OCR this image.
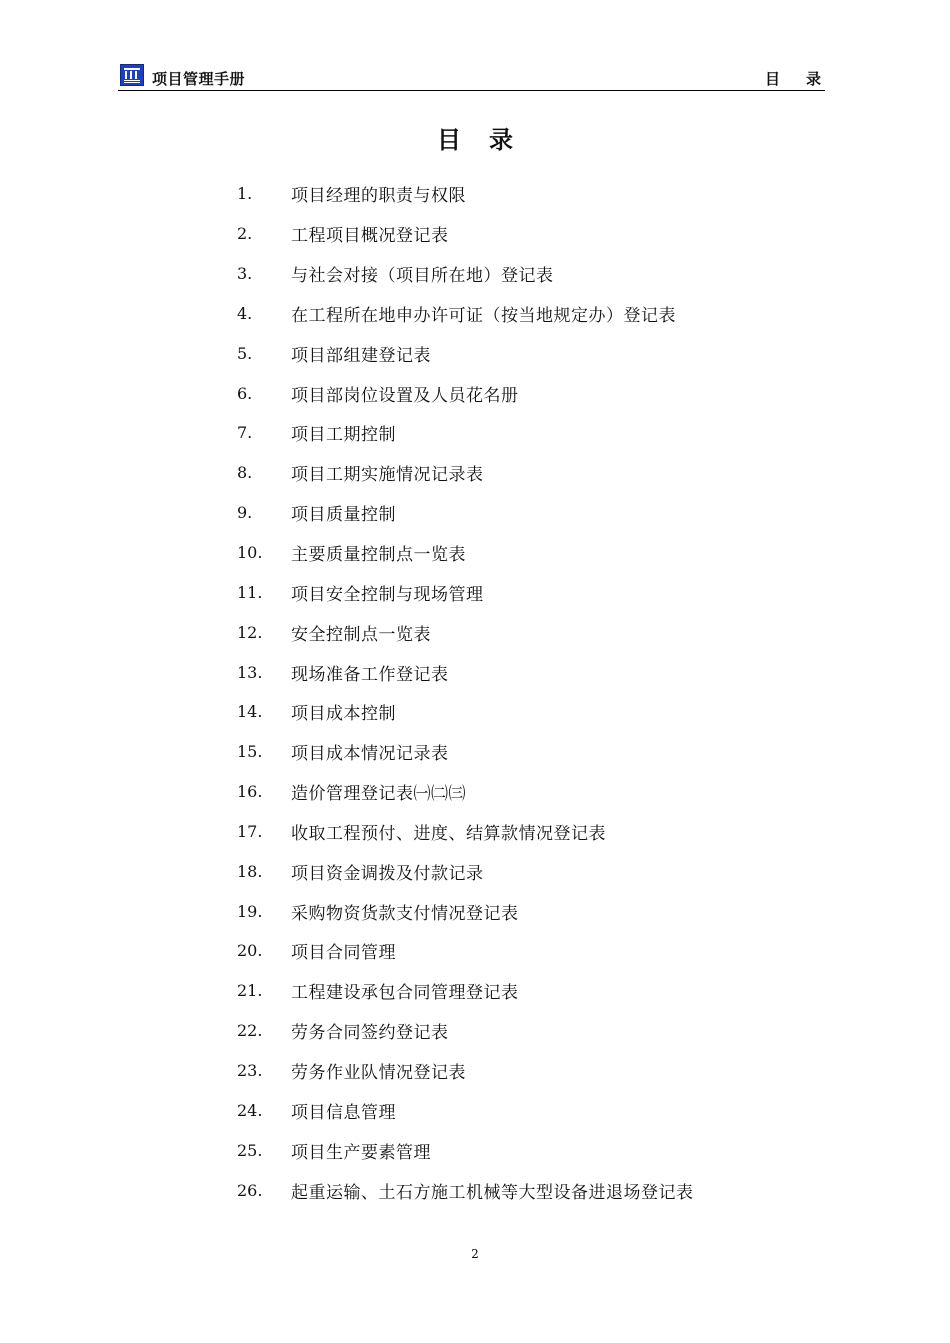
项目管理手册	目录
目录
1.	项目经理的职责与权限
2.	工程项目概况登记表
3.	与社会对接（项目所在地）登记表
4.	在工程所在地申办许可证（按当地规定办）登记表
5.	项目部组建登记表
6.	项目部岗位设置及人员花名册
7.	项目工期控制
8.	项目工期实施情况记录表
9.	项目质量控制
10.	主要质量控制点一览表
11.	项目安全控制与现场管理
12.	安全控制点一览表
13.	现场准备工作登记表
14.	项目成本控制
15.	项目成本情况记录表
16.	造价管理登记表㈠㈡㈢
17.	收取工程预付、进度、结算款情况登记表
18.	项目资金调拨及付款记录
19.	采购物资货款支付情况登记表
20.	项目合同管理
21.	工程建设承包合同管理登记表
22.	劳务合同签约登记表
23.	劳务作业队情况登记表
24.	项目信息管理
25.	项目生产要素管理
26.	起重运输、土石方施工机械等大型设备进退场登记表
2
